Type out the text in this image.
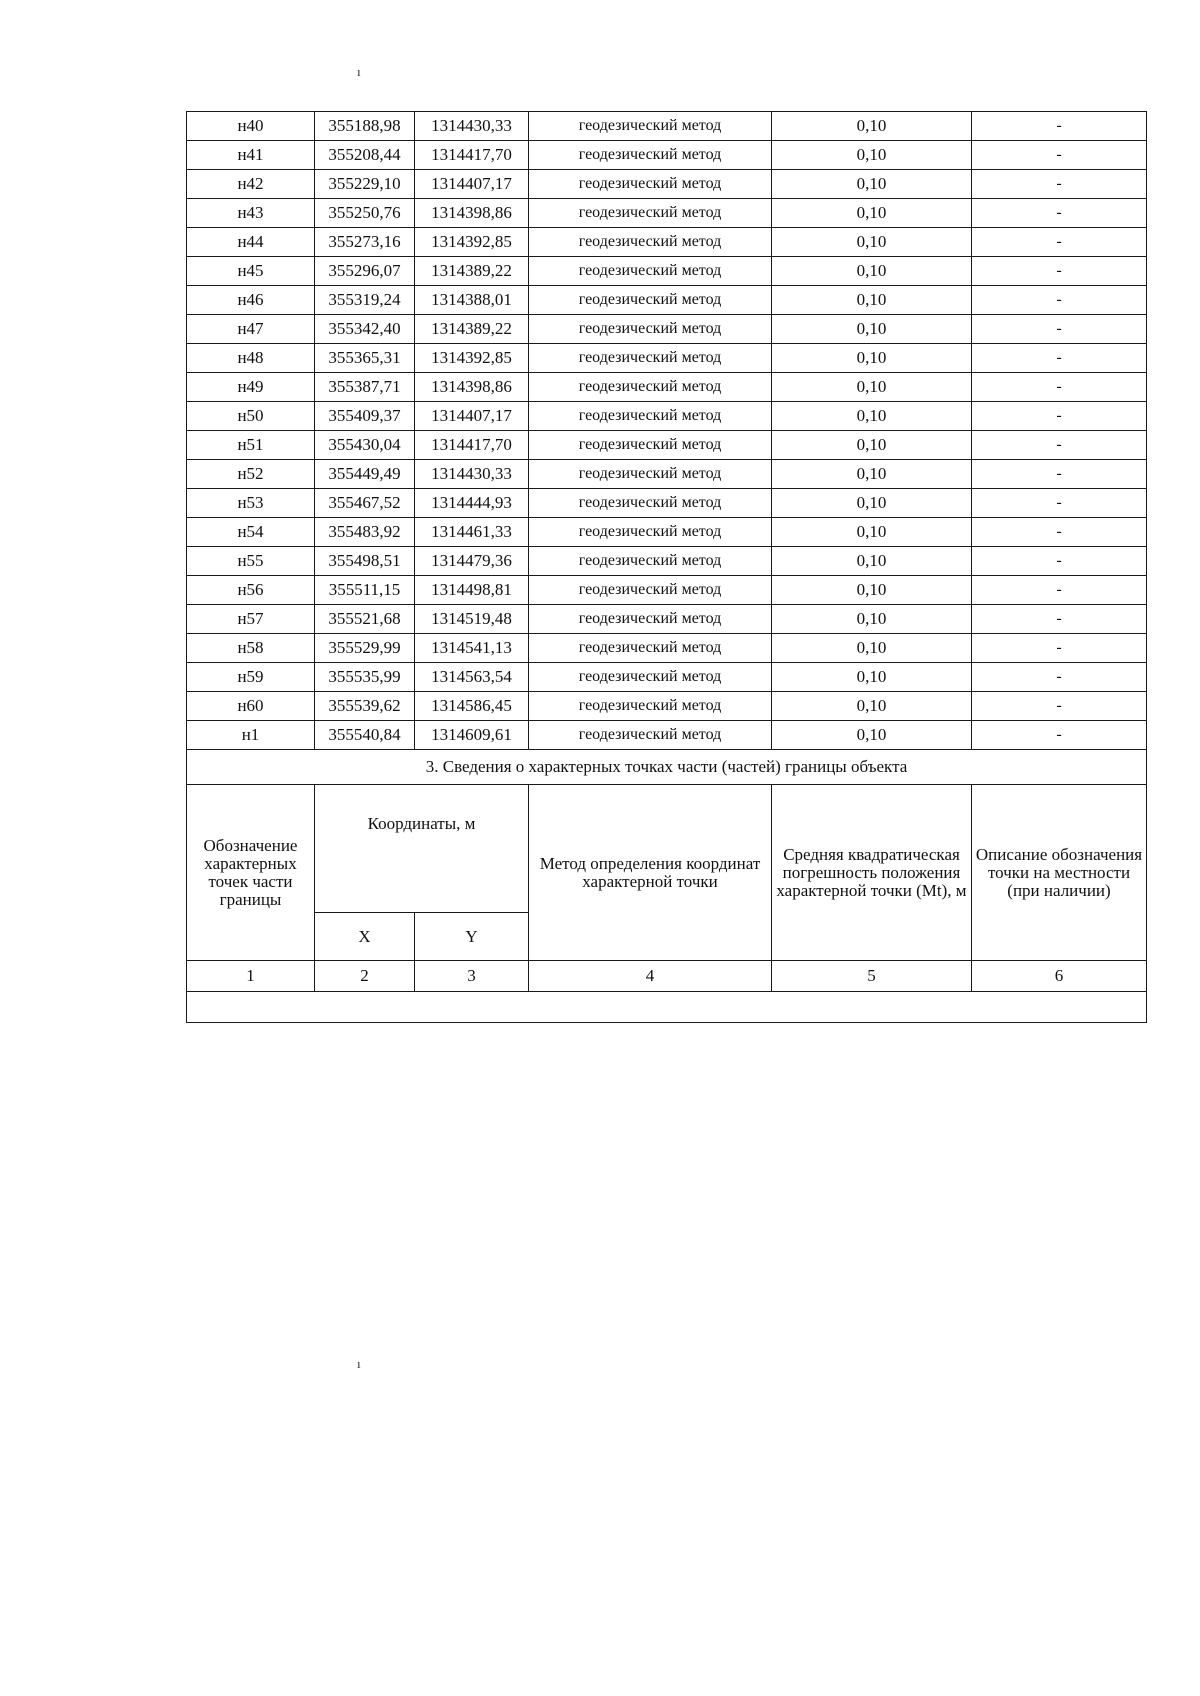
ı
ı
н40	355188,98	1314430,33	геодезический метод	0,10	-
н41	355208,44	1314417,70	геодезический метод	0,10	-
н42	355229,10	1314407,17	геодезический метод	0,10	-
н43	355250,76	1314398,86	геодезический метод	0,10	-
н44	355273,16	1314392,85	геодезический метод	0,10	-
н45	355296,07	1314389,22	геодезический метод	0,10	-
н46	355319,24	1314388,01	геодезический метод	0,10	-
н47	355342,40	1314389,22	геодезический метод	0,10	-
н48	355365,31	1314392,85	геодезический метод	0,10	-
н49	355387,71	1314398,86	геодезический метод	0,10	-
н50	355409,37	1314407,17	геодезический метод	0,10	-
н51	355430,04	1314417,70	геодезический метод	0,10	-
н52	355449,49	1314430,33	геодезический метод	0,10	-
н53	355467,52	1314444,93	геодезический метод	0,10	-
н54	355483,92	1314461,33	геодезический метод	0,10	-
н55	355498,51	1314479,36	геодезический метод	0,10	-
н56	355511,15	1314498,81	геодезический метод	0,10	-
н57	355521,68	1314519,48	геодезический метод	0,10	-
н58	355529,99	1314541,13	геодезический метод	0,10	-
н59	355535,99	1314563,54	геодезический метод	0,10	-
н60	355539,62	1314586,45	геодезический метод	0,10	-
н1	355540,84	1314609,61	геодезический метод	0,10	-
3. Сведения о характерных точках части (частей) границы объекта					
Обозначение характерных точек части границы	Координаты, м		Метод определения координат характерной точки	Средняя квадратическая погрешность положения характерной точки (Mt), м	Описание обозначения точки на местности (при наличии)
	X	Y			
1	2	3	4	5	6
